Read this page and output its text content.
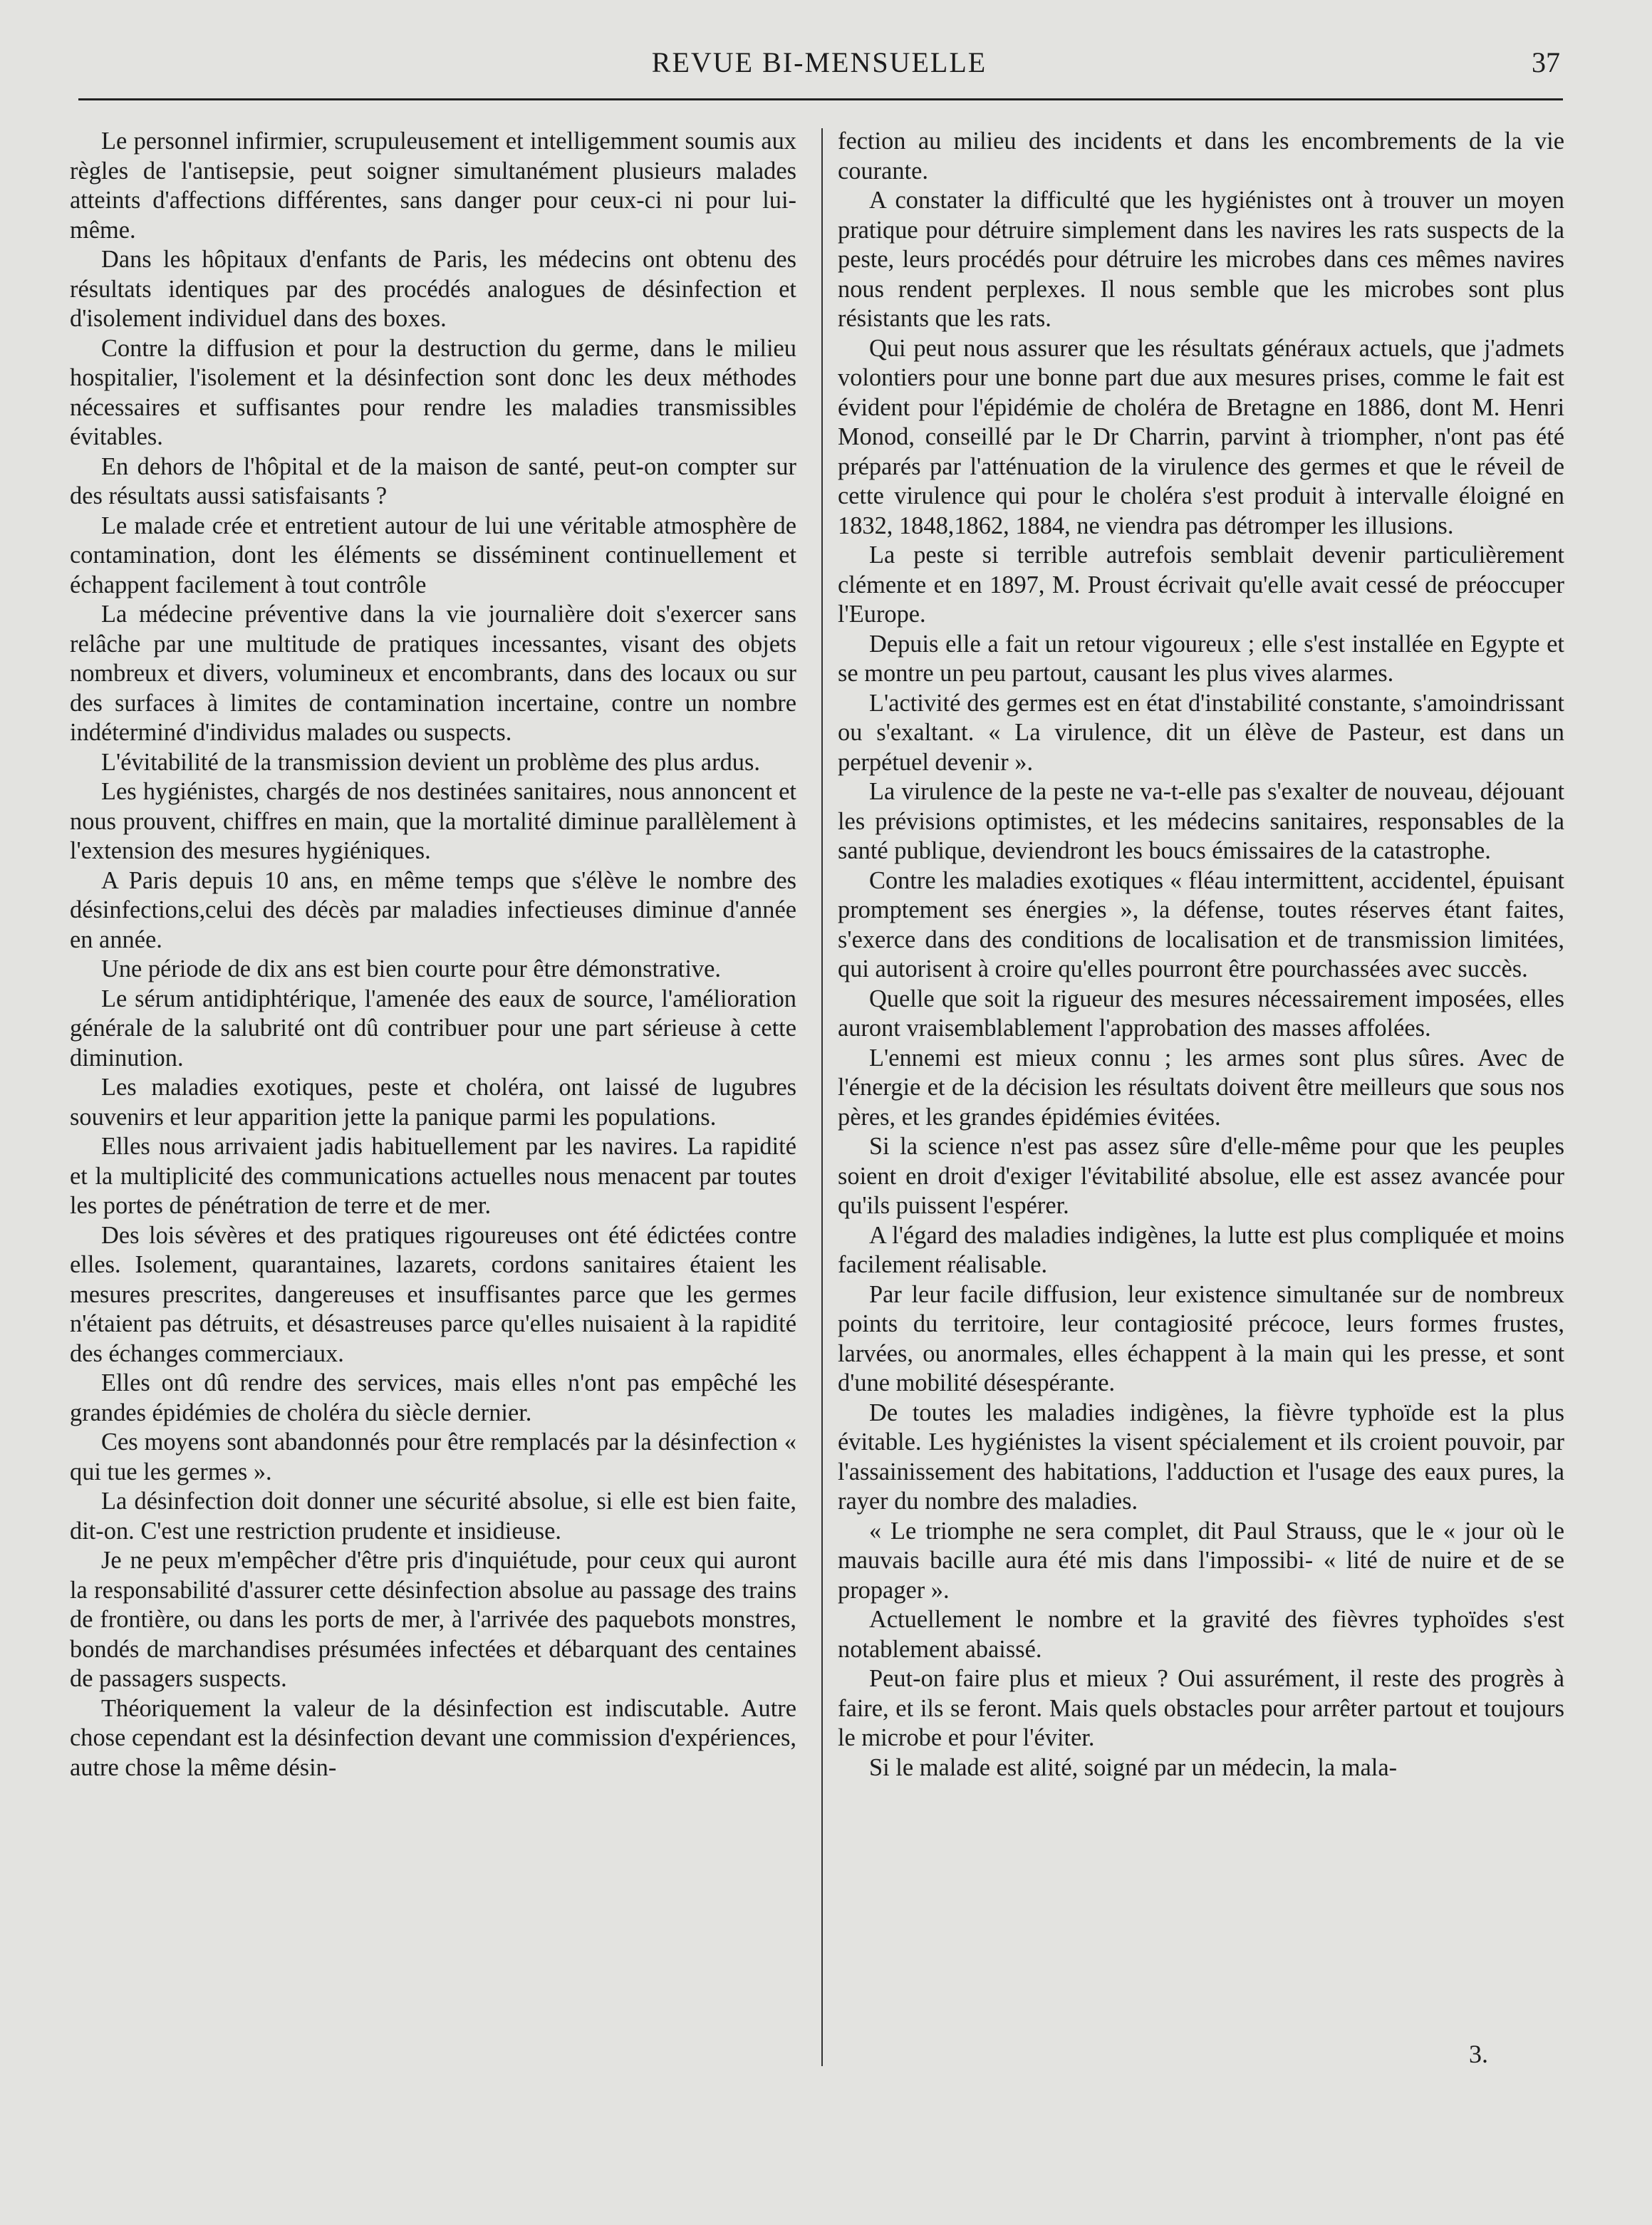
REVUE BI-MENSUELLE	37

Le personnel infirmier, scrupuleusement et intelligemment soumis aux règles de l'antisepsie, peut soigner simultanément plusieurs malades atteints d'affections différentes, sans danger pour ceux-ci ni pour lui-même.

Dans les hôpitaux d'enfants de Paris, les médecins ont obtenu des résultats identiques par des procédés analogues de désinfection et d'isolement individuel dans des boxes.

Contre la diffusion et pour la destruction du germe, dans le milieu hospitalier, l'isolement et la désinfection sont donc les deux méthodes nécessaires et suffisantes pour rendre les maladies transmissibles évitables.

En dehors de l'hôpital et de la maison de santé, peut-on compter sur des résultats aussi satisfaisants ?

Le malade crée et entretient autour de lui une véritable atmosphère de contamination, dont les éléments se disséminent continuellement et échappent facilement à tout contrôle

La médecine préventive dans la vie journalière doit s'exercer sans relâche par une multitude de pratiques incessantes, visant des objets nombreux et divers, volumineux et encombrants, dans des locaux ou sur des surfaces à limites de contamination incertaine, contre un nombre indéterminé d'individus malades ou suspects.

L'évitabilité de la transmission devient un problème des plus ardus.

Les hygiénistes, chargés de nos destinées sanitaires, nous annoncent et nous prouvent, chiffres en main, que la mortalité diminue parallèlement à l'extension des mesures hygiéniques.

A Paris depuis 10 ans, en même temps que s'élève le nombre des désinfections,celui des décès par maladies infectieuses diminue d'année en année.

Une période de dix ans est bien courte pour être démonstrative.

Le sérum antidiphtérique, l'amenée des eaux de source, l'amélioration générale de la salubrité ont dû contribuer pour une part sérieuse à cette diminution.

Les maladies exotiques, peste et choléra, ont laissé de lugubres souvenirs et leur apparition jette la panique parmi les populations.

Elles nous arrivaient jadis habituellement par les navires. La rapidité et la multiplicité des communications actuelles nous menacent par toutes les portes de pénétration de terre et de mer.

Des lois sévères et des pratiques rigoureuses ont été édictées contre elles. Isolement, quarantaines, lazarets, cordons sanitaires étaient les mesures prescrites, dangereuses et insuffisantes parce que les germes n'étaient pas détruits, et désastreuses parce qu'elles nuisaient à la rapidité des échanges commerciaux.

Elles ont dû rendre des services, mais elles n'ont pas empêché les grandes épidémies de choléra du siècle dernier.

Ces moyens sont abandonnés pour être remplacés par la désinfection « qui tue les germes ».

La désinfection doit donner une sécurité absolue, si elle est bien faite, dit-on. C'est une restriction prudente et insidieuse.

Je ne peux m'empêcher d'être pris d'inquiétude, pour ceux qui auront la responsabilité d'assurer cette désinfection absolue au passage des trains de frontière, ou dans les ports de mer, à l'arrivée des paquebots monstres, bondés de marchandises présumées infectées et débarquant des centaines de passagers suspects.

Théoriquement la valeur de la désinfection est indiscutable. Autre chose cependant est la désinfection devant une commission d'expériences, autre chose la même désin-

fection au milieu des incidents et dans les encombrements de la vie courante.

A constater la difficulté que les hygiénistes ont à trouver un moyen pratique pour détruire simplement dans les navires les rats suspects de la peste, leurs procédés pour détruire les microbes dans ces mêmes navires nous rendent perplexes. Il nous semble que les microbes sont plus résistants que les rats.

Qui peut nous assurer que les résultats généraux actuels, que j'admets volontiers pour une bonne part due aux mesures prises, comme le fait est évident pour l'épidémie de choléra de Bretagne en 1886, dont M. Henri Monod, conseillé par le Dr Charrin, parvint à triompher, n'ont pas été préparés par l'atténuation de la virulence des germes et que le réveil de cette virulence qui pour le choléra s'est produit à intervalle éloigné en 1832, 1848,1862, 1884, ne viendra pas détromper les illusions.

La peste si terrible autrefois semblait devenir particulièrement clémente et en 1897, M. Proust écrivait qu'elle avait cessé de préoccuper l'Europe.

Depuis elle a fait un retour vigoureux ; elle s'est installée en Egypte et se montre un peu partout, causant les plus vives alarmes.

L'activité des germes est en état d'instabilité constante, s'amoindrissant ou s'exaltant. « La virulence, dit un élève de Pasteur, est dans un perpétuel devenir ».

La virulence de la peste ne va-t-elle pas s'exalter de nouveau, déjouant les prévisions optimistes, et les médecins sanitaires, responsables de la santé publique, deviendront les boucs émissaires de la catastrophe.

Contre les maladies exotiques « fléau intermittent, accidentel, épuisant promptement ses énergies », la défense, toutes réserves étant faites, s'exerce dans des conditions de localisation et de transmission limitées, qui autorisent à croire qu'elles pourront être pourchassées avec succès.

Quelle que soit la rigueur des mesures nécessairement imposées, elles auront vraisemblablement l'approbation des masses affolées.

L'ennemi est mieux connu ; les armes sont plus sûres. Avec de l'énergie et de la décision les résultats doivent être meilleurs que sous nos pères, et les grandes épidémies évitées.

Si la science n'est pas assez sûre d'elle-même pour que les peuples soient en droit d'exiger l'évitabilité absolue, elle est assez avancée pour qu'ils puissent l'espérer.

A l'égard des maladies indigènes, la lutte est plus compliquée et moins facilement réalisable.

Par leur facile diffusion, leur existence simultanée sur de nombreux points du territoire, leur contagiosité précoce, leurs formes frustes, larvées, ou anormales, elles échappent à la main qui les presse, et sont d'une mobilité désespérante.

De toutes les maladies indigènes, la fièvre typhoïde est la plus évitable. Les hygiénistes la visent spécialement et ils croient pouvoir, par l'assainissement des habitations, l'adduction et l'usage des eaux pures, la rayer du nombre des maladies.

« Le triomphe ne sera complet, dit Paul Strauss, que le « jour où le mauvais bacille aura été mis dans l'impossibi- « lité de nuire et de se propager ».

Actuellement le nombre et la gravité des fièvres typhoïdes s'est notablement abaissé.

Peut-on faire plus et mieux ? Oui assurément, il reste des progrès à faire, et ils se feront. Mais quels obstacles pour arrêter partout et toujours le microbe et pour l'éviter.

Si le malade est alité, soigné par un médecin, la mala-

3.
